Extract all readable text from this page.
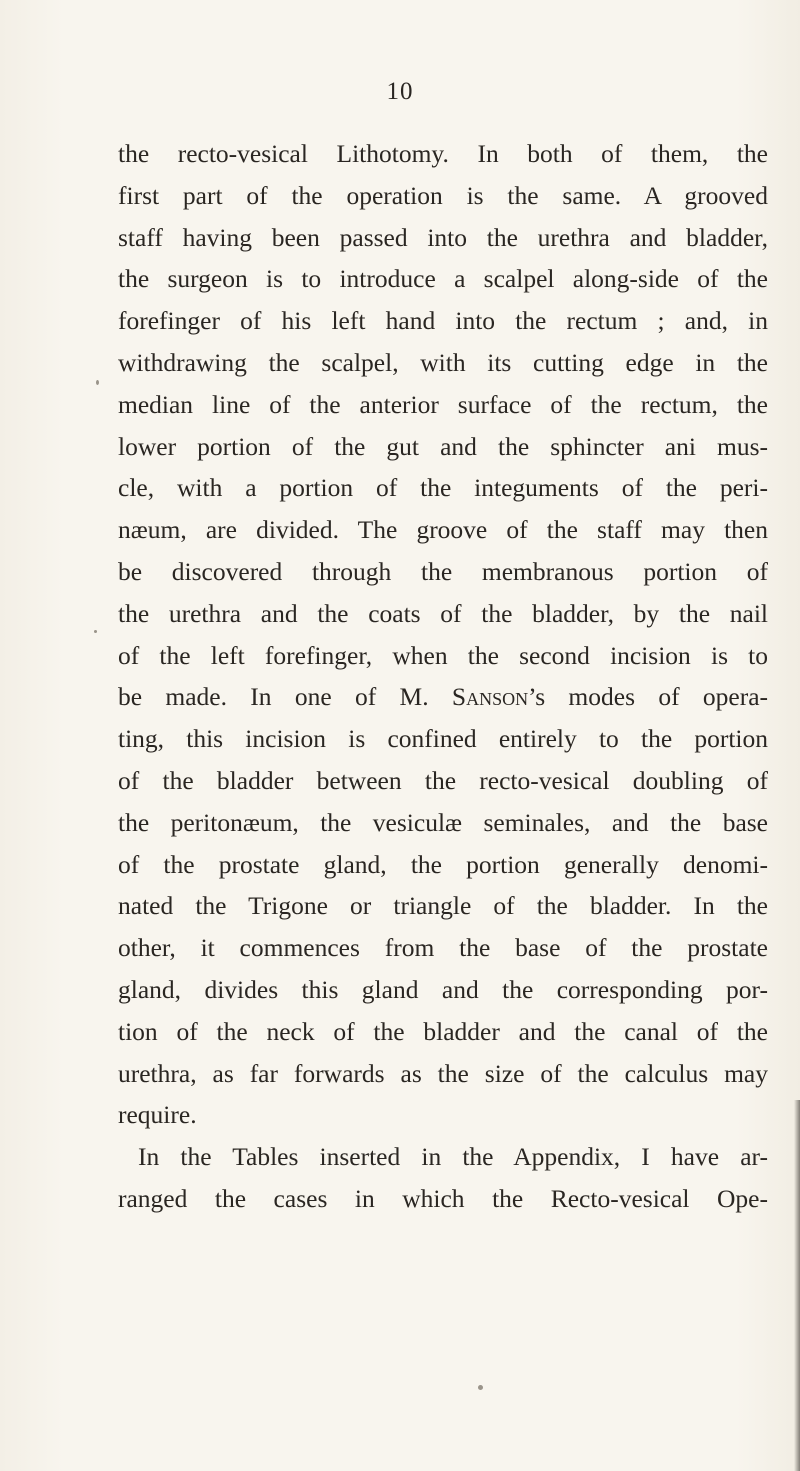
10
the recto-vesical Lithotomy. In both of them, the
first part of the operation is the same. A grooved
staff having been passed into the urethra and bladder,
the surgeon is to introduce a scalpel along-side of the
forefinger of his left hand into the rectum ; and, in
withdrawing the scalpel, with its cutting edge in the
median line of the anterior surface of the rectum, the
lower portion of the gut and the sphincter ani mus-
cle, with a portion of the integuments of the peri-
næum, are divided. The groove of the staff may then
be discovered through the membranous portion of
the urethra and the coats of the bladder, by the nail
of the left forefinger, when the second incision is to
be made. In one of M. Sanson’s modes of opera-
ting, this incision is confined entirely to the portion
of the bladder between the recto-vesical doubling of
the peritonæum, the vesiculæ seminales, and the base
of the prostate gland, the portion generally denomi-
nated the Trigone or triangle of the bladder. In the
other, it commences from the base of the prostate
gland, divides this gland and the corresponding por-
tion of the neck of the bladder and the canal of the
urethra, as far forwards as the size of the calculus may
require.
In the Tables inserted in the Appendix, I have ar-
ranged the cases in which the Recto-vesical Ope-
